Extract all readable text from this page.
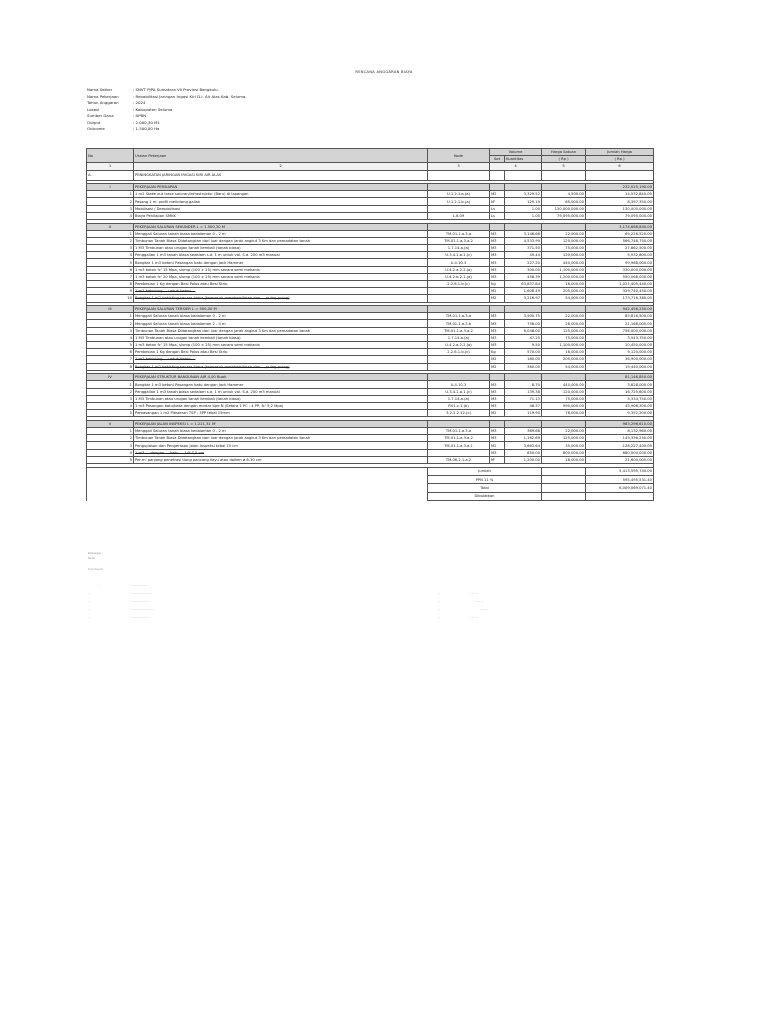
RENCANA ANGGARAN BIAYA
Nama Satker	: SNVT PJPA Sumatera VII Provinsi Bengkulu.
Nama Pekerjaan	: Rehabilitasi Jaringan Irigasi Kiri D.I. Air Alas Kab. Seluma.
Tahun Anggaran	: 2024
Lokasi	: Kabupaten Seluma
Sumber Dana	: APBN
Output	: 2.000,30 M1
Outcome	: 1.500,00 Ha
No	Uraian Pekerjaan	Kode	Volume		Harga Satuan	Jumlah Harga
			Sat	Kuantitas	( Rp )	( Rp )
1	2	3	4		5	6
A.	PENINGKATAN JARINGAN IRIGASI KIRI AIR ALAS					

I	PEKERJAAN PERSIAPAN					232,025,190.00
1	1 m2 Stake out trase saluran/infrastruktur (Baru) di lapangan	U.1.2.1.a.(a)	M2	3,329.52	4,500.00	14,532,840.00
2	Pasang 1 m' profil melintang galian	U.1.2.1.b.(a)	M'	129.19	65,000.00	8,397,350.00
3	Mobilisasi / Demobilisasi		Ls	1.00	130,000,000.00	130,000,000.00
4	Biaya Penilapan SMKK	L.6.09	Ls	1.00	79,095,000.00	79,095,000.00

II	PEKERJAAN SALURAN SEKUNDER L = 1.500,30 M					3,174,668,840.00
1	Menggali Saluran tanah biasa kedalaman 0 - 2 m	TM.01.1.a.3.a	M3	3,146.66	22,000.00	69,226,520.00
2	Timbunan Tanah Biasa Didatangkan dari luar dengan jarak angkut 3 Km dan pemadatan tanah	TM.01.1.a.3.a.2	M3	4,533.99	125,000.00	566,748,750.00
3	1 M3 Timbunan atau urugan tanah kembali (tanah biasa)	1.7.14.a.(a)	M3	371.50	75,000.00	27,862,500.00
4	Penggalian 1 m3 tanah biasa sedalam s.d. 1 m untuk vol. S.d. 200 m3 manual	U.3.4.1.a.1.(c)	M3	49.44	120,000.00	5,932,800.00
5	Bongkar 1 m3 beton/ Pasangan batu dengan Jack Hammer	U.4.10.3	M3	227.20	440,000.00	99,968,000.00
6	1 m3 beton fc' 15 Mpa, slump (100 ± 25) mm secara semi mekanis	U.4.2.a.2.2.(a)	M3	300.00	1,100,000.00	330,000,000.00
7	1 m3 beton fc' 20 Mpa, slump (100 ± 25) mm secara semi mekanis	U.4.2.b.2.1.(a)	M3	458.39	1,200,000.00	550,068,000.00
8	Pembesian 1 Kg dengan Besi Polos atau Besi Strip	2.2.6.1.b.(c)	Kg	63,837.84	16,000.00	1,021,405,440.00
9	1 m2 bekisting ... untuk beton ...		M2	1,608.49	205,000.00	329,740,450.00
10	Bongkar 1 m2 bekisting secara biasa (termasuk membersihkan dan ... puing-puing)		M2	3,216.97	54,000.00	173,716,380.00

III	PEKERJAAN SALURAN TERSIER L = 500,00 M					942,458,250.00
1	Menggali Saluran tanah biasa kedalaman 0 - 2 m	TM.01.1.a.3.a	M3	3,900.75	22,000.00	85,816,500.00
2	Menggali Saluran tanah biasa kedalaman 2 - 4 m	TM.01.1.a.3.b	M3	756.00	28,000.00	21,168,000.00
3	Timbunan Tanah Biasa Didatangkan dari luar dengan jarak angkut 3 Km dan pemadatan tanah	TM.01.1.a.3.a.2	M3	6,048.00	125,000.00	756,000,000.00
4	1 M3 Timbunan atau urugan tanah kembali (tanah biasa)	1.7.14.a.(a)	M3	47.25	75,000.00	3,543,750.00
5	1 m3 beton fc' 15 Mpa, slump (100 ± 25) mm secara semi mekanis	U.4.2.a.2.2.(a)	M3	9.50	1,100,000.00	10,450,000.00
6	Pembesian 1 Kg dengan Besi Polos atau Besi Strip	2.2.6.1.b.(c)	Kg	570.00	16,000.00	9,120,000.00
7	1 m2 bekisting ... untuk beton ...		M2	180.00	205,000.00	36,900,000.00
8	Bongkar 1 m2 bekisting secara biasa (termasuk membersihkan dan ... puing-puing)		M2	360.00	54,000.00	19,440,000.00

IV	PEKERJAAN STRUKTUR BANGUNAN AIR 4,00 Buah					81,146,850.00
1	Bongkar 1 m3 beton/ Pasangan batu dengan Jack Hammer	U.4.10.3	M3	8.70	440,000.00	3,828,000.00
2	Penggalian 1 m3 tanah biasa sedalam s.d. 1 m untuk vol. S.d. 200 m3 manual	U.3.4.1.a.1.(c)	M3	139.38	120,000.00	16,725,600.00
3	1 M3 Timbunan atau urugan tanah kembali (tanah biasa)	1.7.14.a.(a)	M3	71.13	75,000.00	5,334,750.00
4	1 m3 Pasangan batu/bata dengan mortar tipe N (Setara 1 PC : 4 PP, fc' 5,2 Mpa)	P.01.c.1.(b)	M3	46.37	990,000.00	45,906,300.00
5	Pemasangan 1 m2 Plesteran TSP : 3PP tebal 15mm	3.2.2.2.12.(c)	M2	119.90	78,000.00	9,352,200.00

V	PEKERJAAN JALAN INSPEKSI L = 1.221,31 M'					983,296,610.00
1	Menggali Saluran tanah biasa kedalaman 0 - 2 m	TM.01.1.a.3.a	M3	369.68	22,000.00	8,132,960.00
2	Timbunan Tanah Biasa Didatangkan dari luar dengan jarak angkut 3 Km dan pemadatan tanah	TM.01.1.a.3.a.2	M3	1,162.69	125,000.00	145,336,250.00
3	Pengupasan dan Pengerasan Jalan Inspeksi tebal 15 cm	TM.01.1.a.3.a.1	M2	3,663.64	35,000.00	128,227,400.00
4	1 m3 ... dengan ... batu ... 1:5:7,5 cm		M3	850.00	800,000.00	680,000,000.00
5	Per-m' panjang penetrasi tiang pancang kayu atau dolken ø 8-10 cm	TM.06.2.1.a.2	M'	1,200.00	18,000.00	21,600,000.00

		Jumlah				5,413,595,740.00
		PPN 11 %				595,495,531.40
		Total				6,009,069,071.40
		Dibulatkan				
Keterangan :
Tanda
Ketua/Kepala
—	———————
—	—————————	—	—— —
—	————————	—	—— —
—	——————————	—	— ——
—	————————	—	—— —
